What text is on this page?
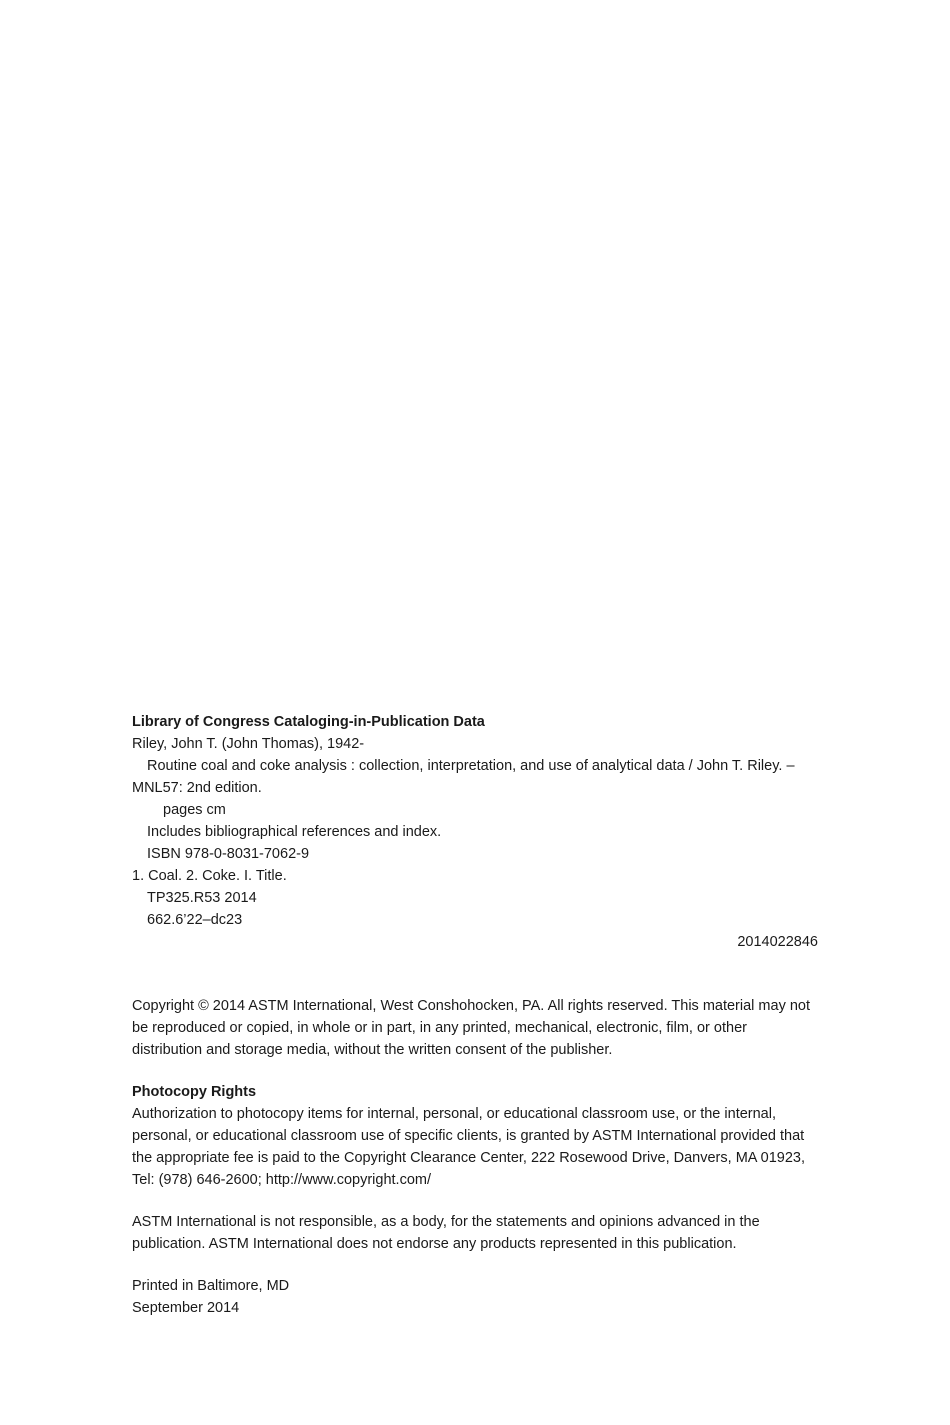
Library of Congress Cataloging-in-Publication Data
Riley, John T. (John Thomas), 1942-
Routine coal and coke analysis : collection, interpretation, and use of analytical data / John T. Riley. –
MNL57: 2nd edition.
pages cm
Includes bibliographical references and index.
ISBN 978-0-8031-7062-9
1. Coal. 2. Coke. I. Title.
TP325.R53 2014
662.6’22–dc23
2014022846

Copyright © 2014 ASTM International, West Conshohocken, PA. All rights reserved. This material may not be reproduced or copied, in whole or in part, in any printed, mechanical, electronic, film, or other distribution and storage media, without the written consent of the publisher.

Photocopy Rights

Authorization to photocopy items for internal, personal, or educational classroom use, or the internal, personal, or educational classroom use of specific clients, is granted by ASTM International provided that the appropriate fee is paid to the Copyright Clearance Center, 222 Rosewood Drive, Danvers, MA 01923, Tel: (978) 646-2600; http://www.copyright.com/

ASTM International is not responsible, as a body, for the statements and opinions advanced in the publication. ASTM International does not endorse any products represented in this publication.

Printed in Baltimore, MD
September 2014
